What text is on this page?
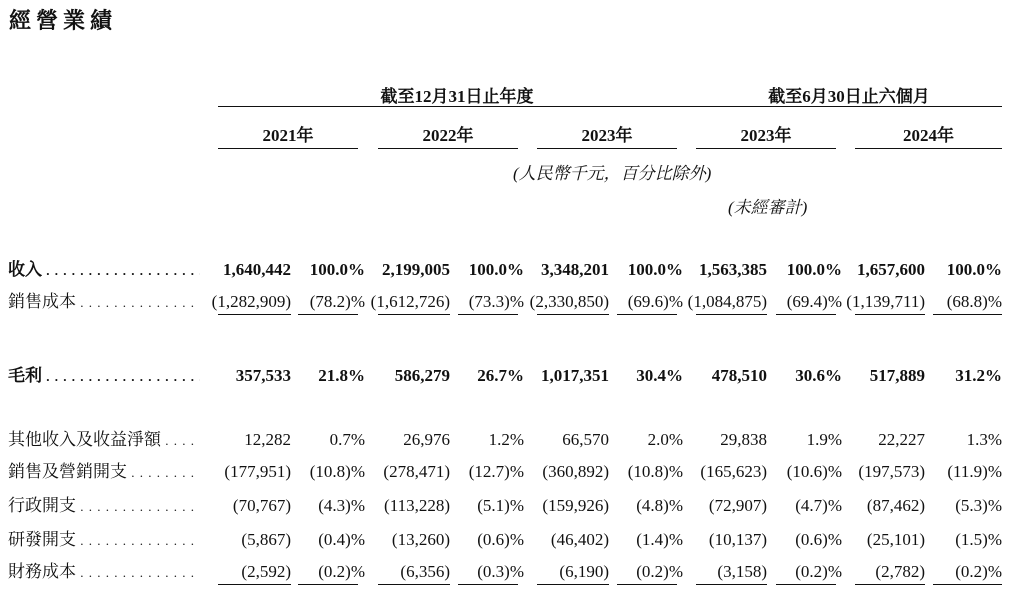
經營業績
截至12月31日止年度	截至6月30日止六個月
2021年	2022年	2023年	2023年	2024年
(人民幣千元，百分比除外)
(未經審計)
收入 . . .	1,640,442 100.0% 2,199,005 100.0% 3,348,201 100.0% 1,563,385 100.0% 1,657,600 100.0%
銷售成本 . . .	(1,282,909) (78.2)% (1,612,726) (73.3)% (2,330,850) (69.6)% (1,084,875) (69.4)% (1,139,711) (68.8)%
毛利 . . .	357,533 21.8% 586,279 26.7% 1,017,351 30.4% 478,510 30.6% 517,889 31.2%
其他收入及收益淨額 . . .	12,282 0.7% 26,976 1.2% 66,570 2.0% 29,838 1.9% 22,227 1.3%
銷售及營銷開支 . . .	(177,951) (10.8)% (278,471) (12.7)% (360,892) (10.8)% (165,623) (10.6)% (197,573) (11.9)%
行政開支 . . .	(70,767) (4.3)% (113,228) (5.1)% (159,926) (4.8)% (72,907) (4.7)% (87,462) (5.3)%
研發開支 . . .	(5,867) (0.4)% (13,260) (0.6)% (46,402) (1.4)% (10,137) (0.6)% (25,101) (1.5)%
財務成本 . . .	(2,592) (0.2)% (6,356) (0.3)% (6,190) (0.2)% (3,158) (0.2)% (2,782) (0.2)%
